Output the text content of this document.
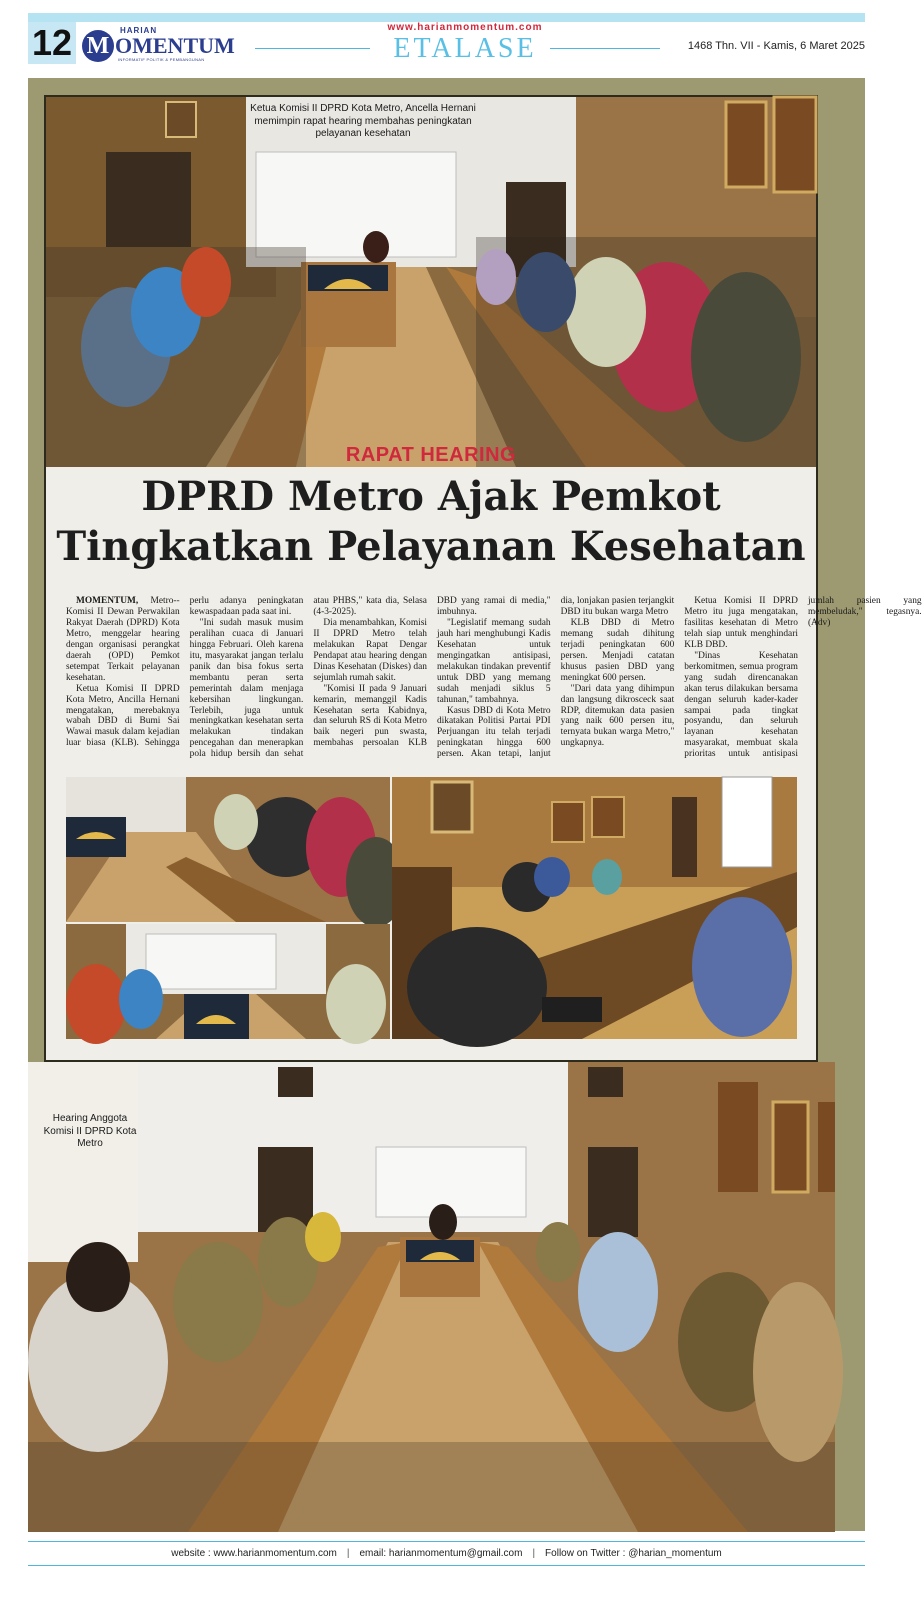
12 M
HARIAN
OMENTUM
INFORMATIF POLITIK & PEMBANGUNAN
www.harianmomentum.com
ETALASE	1468 Thn. VII - Kamis, 6 Maret 2025
Ketua Komisi II DPRD Kota Metro, Ancella Hernani memimpin rapat hearing membahas peningkatan pelayanan kesehatan
RAPAT HEARING
DPRD Metro Ajak Pemkot
Tingkatkan Pelayanan Kesehatan

MOMENTUM, Metro--Komisi II Dewan Perwakilan Rakyat Daerah (DPRD) Kota Metro, menggelar hearing dengan organisasi perangkat daerah (OPD) Pemkot setempat Terkait pelayanan kesehatan.

Ketua Komisi II DPRD Kota Metro, Ancilla Hernani mengatakan, merebaknya wabah DBD di Bumi Sai Wawai masuk dalam kejadian luar biasa (KLB). Sehingga perlu adanya peningkatan kewaspadaan pada saat ini.

"Ini sudah masuk musim peralihan cuaca di Januari hingga Februari. Oleh karena itu, masyarakat jangan terlalu panik dan bisa fokus serta membantu peran serta pemerintah dalam menjaga kebersihan lingkungan. Terlebih, juga untuk meningkatkan kesehatan serta melakukan tindakan pencegahan dan menerapkan pola hidup bersih dan sehat atau PHBS," kata dia, Selasa (4-3-2025).

Dia menambahkan, Komisi II DPRD Metro telah melakukan Rapat Dengar Pendapat atau hearing dengan Dinas Kesehatan (Diskes) dan sejumlah rumah sakit.

"Komisi II pada 9 Januari kemarin, memanggil Kadis Kesehatan serta Kabidnya, dan seluruh RS di Kota Metro baik negeri pun swasta, membahas persoalan KLB DBD yang ramai di media," imbuhnya.

"Legislatif memang sudah jauh hari menghubungi Kadis Kesehatan untuk mengingatkan antisipasi, melakukan tindakan preventif untuk DBD yang memang sudah menjadi siklus 5 tahunan," tambahnya.

Kasus DBD di Kota Metro dikatakan Politisi Partai PDI Perjuangan itu telah terjadi peningkatan hingga 600 persen. Akan tetapi, lanjut dia, lonjakan pasien terjangkit DBD itu bukan warga Metro

KLB DBD di Metro memang sudah dihitung terjadi peningkatan 600 persen. Menjadi catatan khusus pasien DBD yang meningkat 600 persen.

"Dari data yang dihimpun dan langsung dikrosceck saat RDP, ditemukan data pasien yang naik 600 persen itu, ternyata bukan warga Metro," ungkapnya.

Ketua Komisi II DPRD Metro itu juga mengatakan, fasilitas kesehatan di Metro telah siap untuk menghindari KLB DBD.

"Dinas Kesehatan berkomitmen, semua program yang sudah direncanakan akan terus dilakukan bersama dengan seluruh kader-kader sampai pada tingkat posyandu, dan seluruh layanan kesehatan masyarakat, membuat skala prioritas untuk antisipasi jumlah pasien yang membeludak," tegasnya. (Adv)

Hearing Anggota Komisi II DPRD Kota Metro
website : www.harianmomentum.com | email: harianmomentum@gmail.com | Follow on Twitter : @harian_momentum
